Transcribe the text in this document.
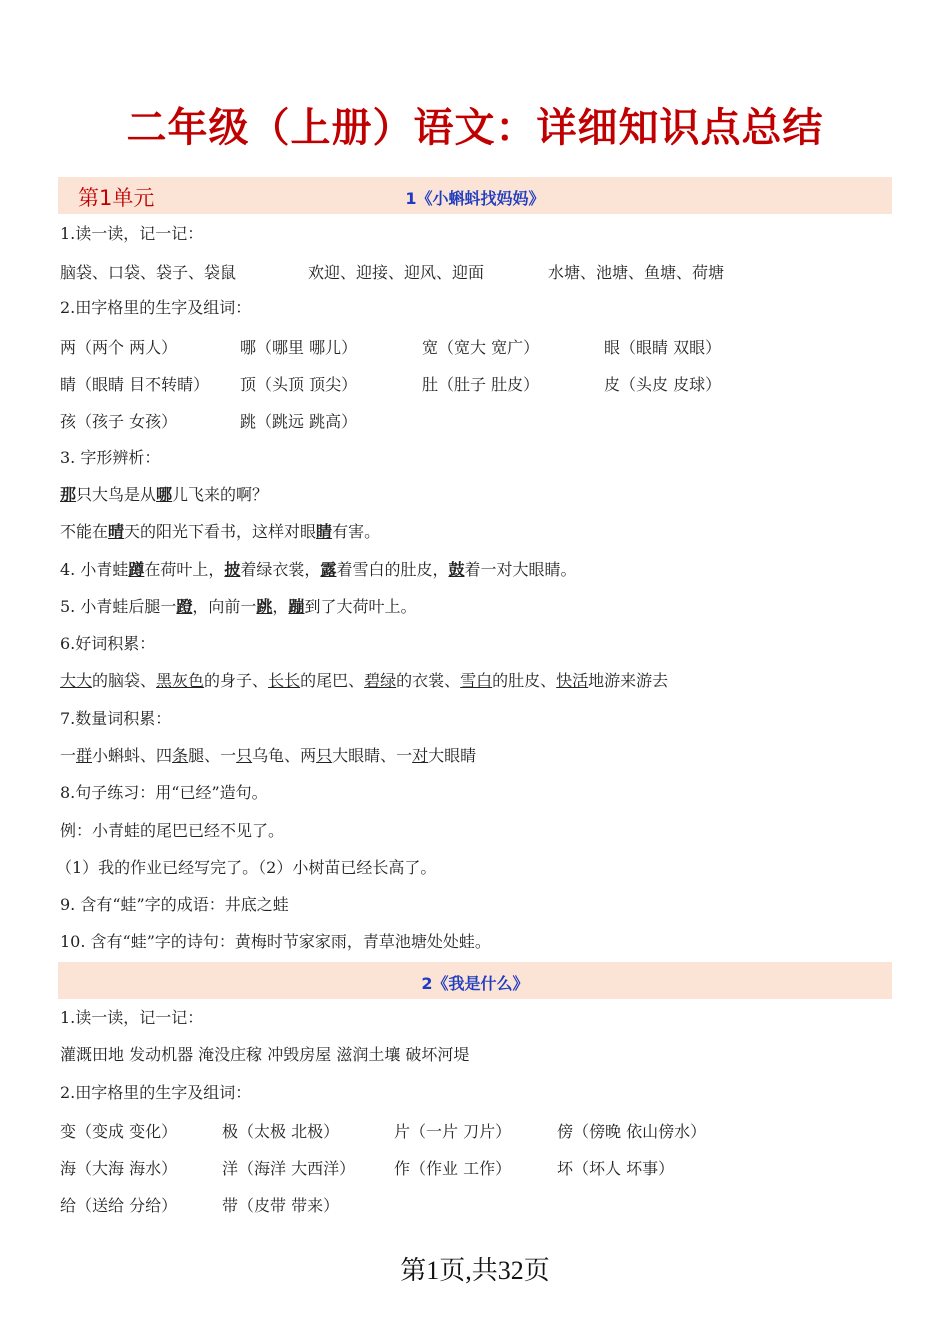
二年级（上册）语文：详细知识点总结
第1单元	1《小蝌蚪找妈妈》
1.读一读，记一记：
脑袋、口袋、袋子、袋鼠	欢迎、迎接、迎风、迎面	水塘、池塘、鱼塘、荷塘
2.田字格里的生字及组词：
两（两个 两人）	哪（哪里 哪儿）	宽（宽大 宽广）	眼（眼睛 双眼）
睛（眼睛 目不转睛） 顶（头顶 顶尖）	肚（肚子 肚皮）	皮（头皮 皮球）
孩（孩子 女孩）	跳（跳远 跳高）
3. 字形辨析：
那只大鸟是从哪儿飞来的啊？
不能在晴天的阳光下看书，这样对眼睛有害。
4. 小青蛙蹲在荷叶上，披着绿衣裳，露着雪白的肚皮，鼓着一对大眼睛。
5. 小青蛙后腿一蹬，向前一跳，蹦到了大荷叶上。
6.好词积累：
大大的脑袋、黑灰色的身子、长长的尾巴、碧绿的衣裳、雪白的肚皮、快活地游来游去
7.数量词积累：
一群小蝌蚪、四条腿、一只乌龟、两只大眼睛、一对大眼睛
8.句子练习：用“已经”造句。
例：小青蛙的尾巴已经不见了。
（1）我的作业已经写完了。（2）小树苗已经长高了。
9. 含有“蛙”字的成语：井底之蛙
10. 含有“蛙”字的诗句：黄梅时节家家雨，青草池塘处处蛙。
2《我是什么》
1.读一读，记一记：
灌溉田地 发动机器 淹没庄稼 冲毁房屋 滋润土壤 破坏河堤
2.田字格里的生字及组词：
变（变成 变化）	极（太极 北极）	片（一片 刀片）	傍（傍晚 依山傍水）
海（大海 海水）	洋（海洋 大西洋） 作（作业 工作）	坏（坏人 坏事）
给（送给 分给）	带（皮带 带来）
第1页,共32页
